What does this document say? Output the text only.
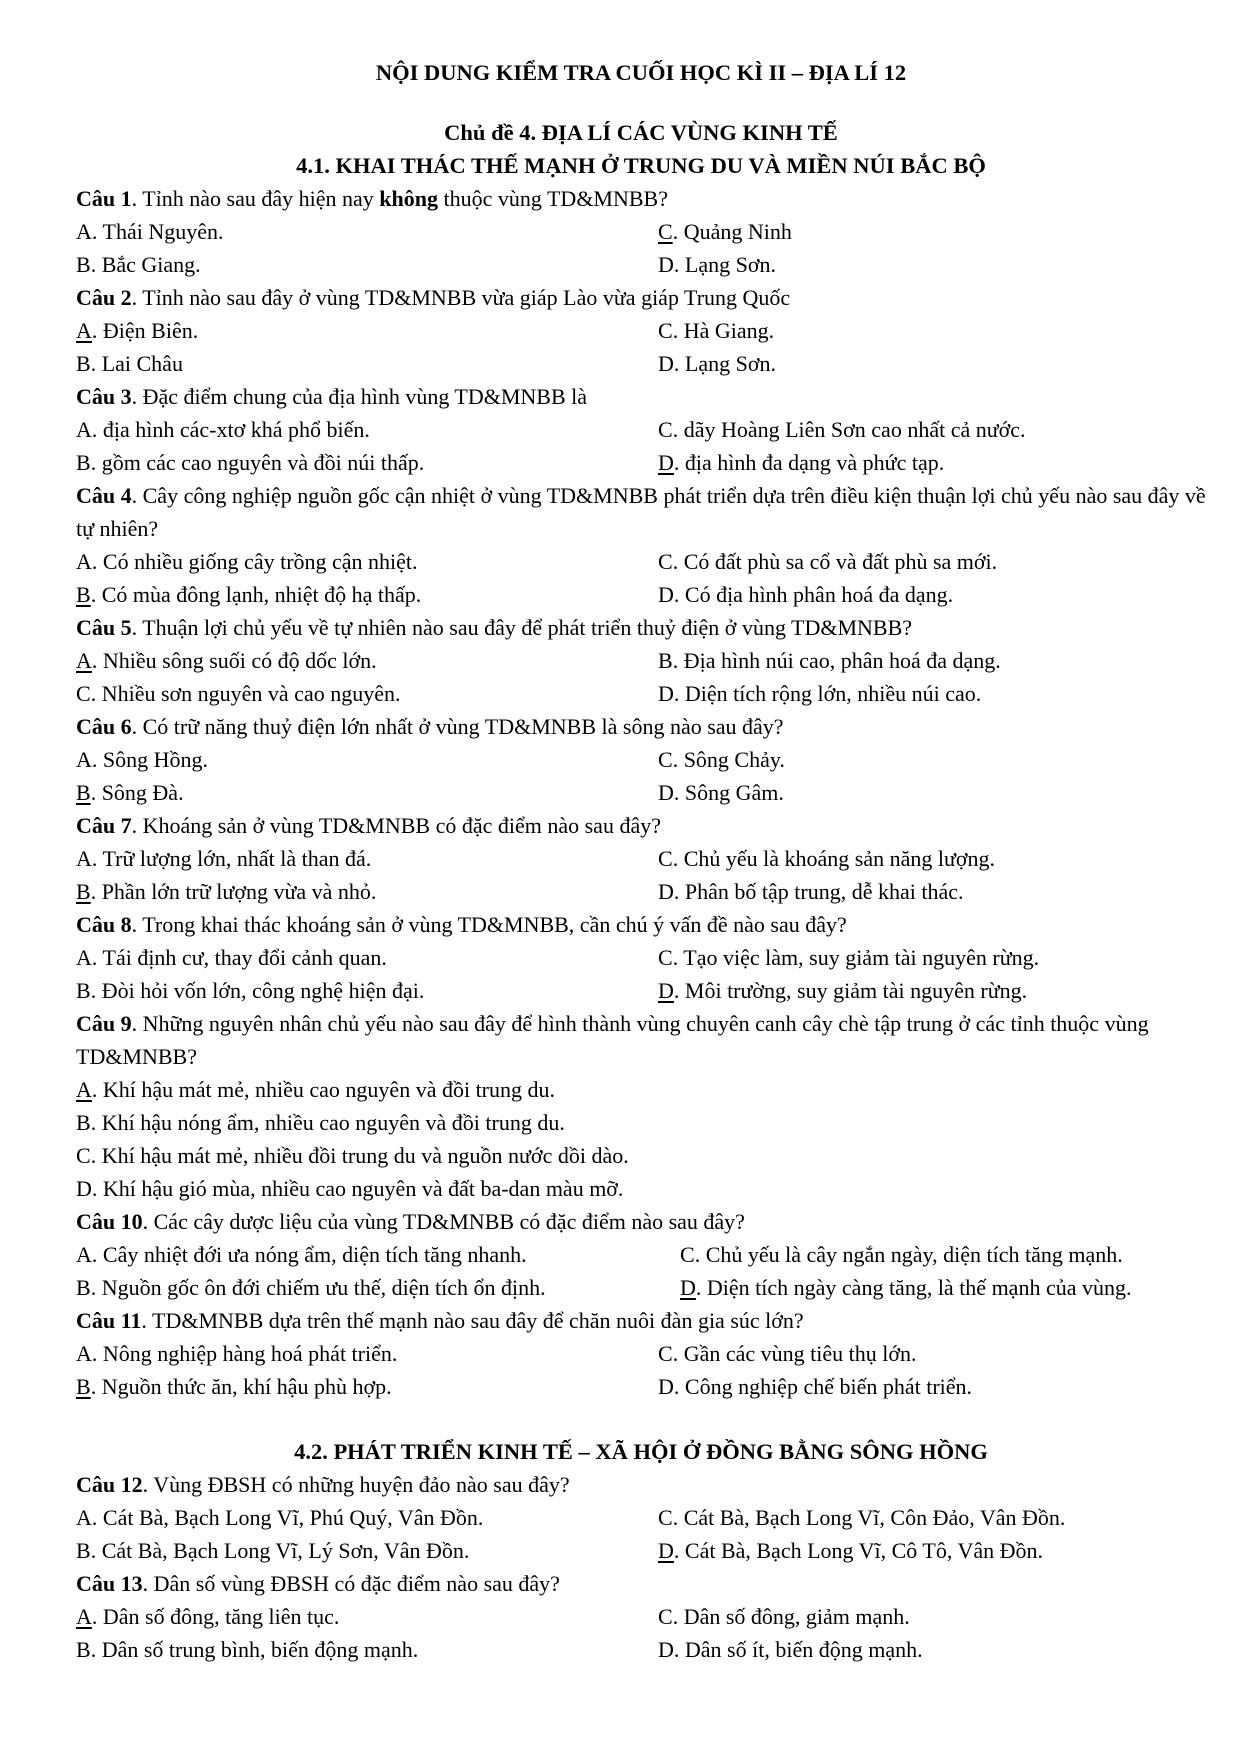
NỘI DUNG KIỂM TRA CUỐI HỌC KÌ II – ĐỊA LÍ 12
Chủ đề 4. ĐỊA LÍ CÁC VÙNG KINH TẾ
4.1. KHAI THÁC THẾ MẠNH Ở TRUNG DU VÀ MIỀN NÚI BẮC BỘ
Câu 1. Tỉnh nào sau đây hiện nay không thuộc vùng TD&MNBB?
A. Thái Nguyên.	C. Quảng Ninh
B. Bắc Giang.	D. Lạng Sơn.
Câu 2. Tỉnh nào sau đây ở vùng TD&MNBB vừa giáp Lào vừa giáp Trung Quốc
A. Điện Biên.	C. Hà Giang.
B. Lai Châu	D. Lạng Sơn.
Câu 3. Đặc điểm chung của địa hình vùng TD&MNBB là
A. địa hình các-xtơ khá phổ biến.	C. dãy Hoàng Liên Sơn cao nhất cả nước.
B. gồm các cao nguyên và đồi núi thấp.	D. địa hình đa dạng và phức tạp.
Câu 4. Cây công nghiệp nguồn gốc cận nhiệt ở vùng TD&MNBB phát triển dựa trên điều kiện thuận lợi chủ yếu nào sau đây về tự nhiên?
A. Có nhiều giống cây trồng cận nhiệt.	C. Có đất phù sa cổ và đất phù sa mới.
B. Có mùa đông lạnh, nhiệt độ hạ thấp.	D. Có địa hình phân hoá đa dạng.
Câu 5. Thuận lợi chủ yếu về tự nhiên nào sau đây để phát triển thuỷ điện ở vùng TD&MNBB?
A. Nhiều sông suối có độ dốc lớn.	B. Địa hình núi cao, phân hoá đa dạng.
C. Nhiều sơn nguyên và cao nguyên.	D. Diện tích rộng lớn, nhiều núi cao.
Câu 6. Có trữ năng thuỷ điện lớn nhất ở vùng TD&MNBB là sông nào sau đây?
A. Sông Hồng.	C. Sông Chảy.
B. Sông Đà.	D. Sông Gâm.
Câu 7. Khoáng sản ở vùng TD&MNBB có đặc điểm nào sau đây?
A. Trữ lượng lớn, nhất là than đá.	C. Chủ yếu là khoáng sản năng lượng.
B. Phần lớn trữ lượng vừa và nhỏ.	D. Phân bố tập trung, dễ khai thác.
Câu 8. Trong khai thác khoáng sản ở vùng TD&MNBB, cần chú ý vấn đề nào sau đây?
A. Tái định cư, thay đổi cảnh quan.	C. Tạo việc làm, suy giảm tài nguyên rừng.
B. Đòi hỏi vốn lớn, công nghệ hiện đại.	D. Môi trường, suy giảm tài nguyên rừng.
Câu 9. Những nguyên nhân chủ yếu nào sau đây để hình thành vùng chuyên canh cây chè tập trung ở các tỉnh thuộc vùng TD&MNBB?
A. Khí hậu mát mẻ, nhiều cao nguyên và đồi trung du.
B. Khí hậu nóng ẩm, nhiều cao nguyên và đồi trung du.
C. Khí hậu mát mẻ, nhiều đồi trung du và nguồn nước dồi dào.
D. Khí hậu gió mùa, nhiều cao nguyên và đất ba-dan màu mỡ.
Câu 10. Các cây dược liệu của vùng TD&MNBB có đặc điểm nào sau đây?
A. Cây nhiệt đới ưa nóng ẩm, diện tích tăng nhanh.	C. Chủ yếu là cây ngắn ngày, diện tích tăng mạnh.
B. Nguồn gốc ôn đới chiếm ưu thế, diện tích ổn định.	D. Diện tích ngày càng tăng, là thế mạnh của vùng.
Câu 11. TD&MNBB dựa trên thế mạnh nào sau đây để chăn nuôi đàn gia súc lớn?
A. Nông nghiệp hàng hoá phát triển.	C. Gần các vùng tiêu thụ lớn.
B. Nguồn thức ăn, khí hậu phù hợp.	D. Công nghiệp chế biến phát triển.
4.2. PHÁT TRIỂN KINH TẾ – XÃ HỘI Ở ĐỒNG BẰNG SÔNG HỒNG
Câu 12. Vùng ĐBSH có những huyện đảo nào sau đây?
A. Cát Bà, Bạch Long Vĩ, Phú Quý, Vân Đồn.	C. Cát Bà, Bạch Long Vĩ, Côn Đảo, Vân Đồn.
B. Cát Bà, Bạch Long Vĩ, Lý Sơn, Vân Đồn.	D. Cát Bà, Bạch Long Vĩ, Cô Tô, Vân Đồn.
Câu 13. Dân số vùng ĐBSH có đặc điểm nào sau đây?
A. Dân số đông, tăng liên tục.	C. Dân số đông, giảm mạnh.
B. Dân số trung bình, biến động mạnh.	D. Dân số ít, biến động mạnh.
